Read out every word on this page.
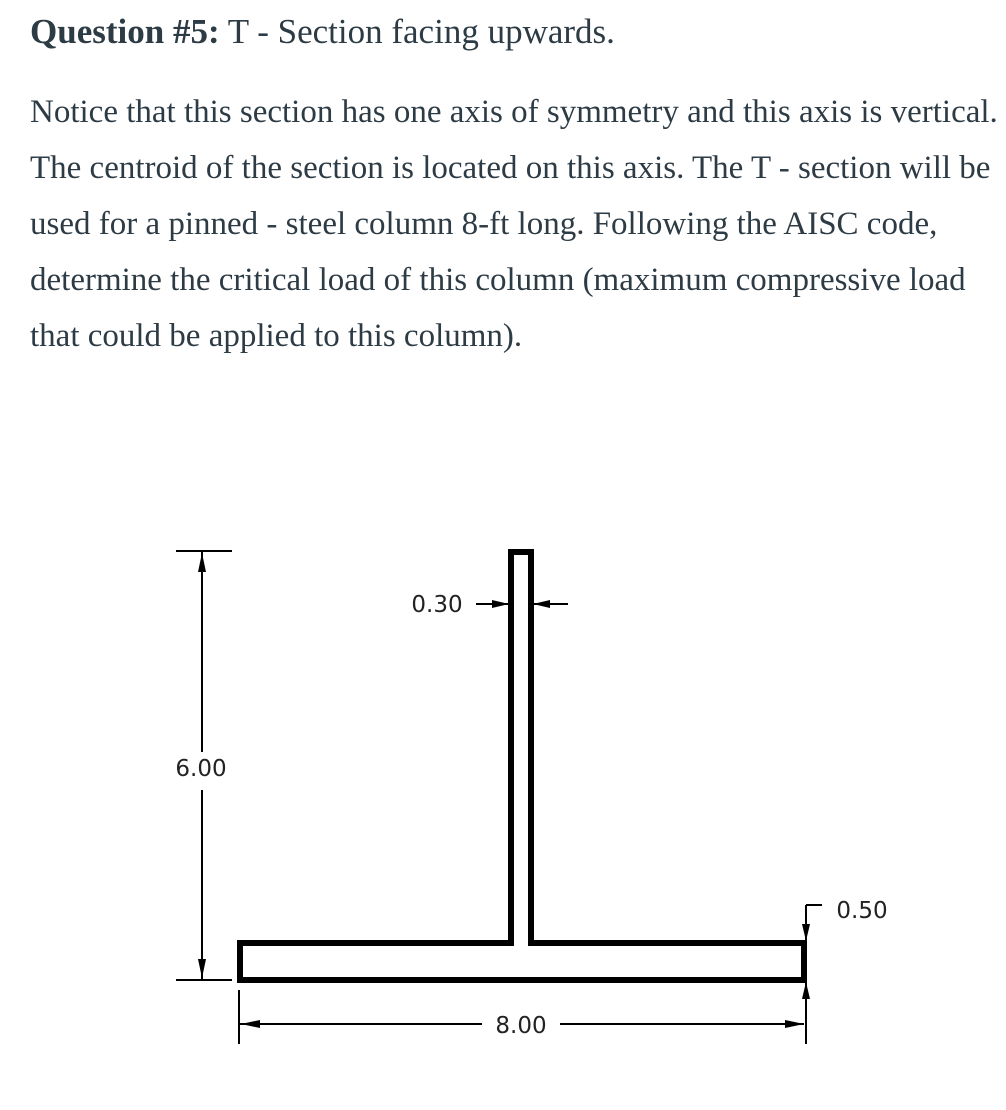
Question #5: T - Section facing upwards.

Notice that this section has one axis of symmetry and this axis is vertical. The centroid of the section is located on this axis. The T - section will be used for a pinned - steel column 8-ft long. Following the AISC code, determine the critical load of this column (maximum compressive load that could be applied to this column).

6.00
0.30
0.50
8.00
